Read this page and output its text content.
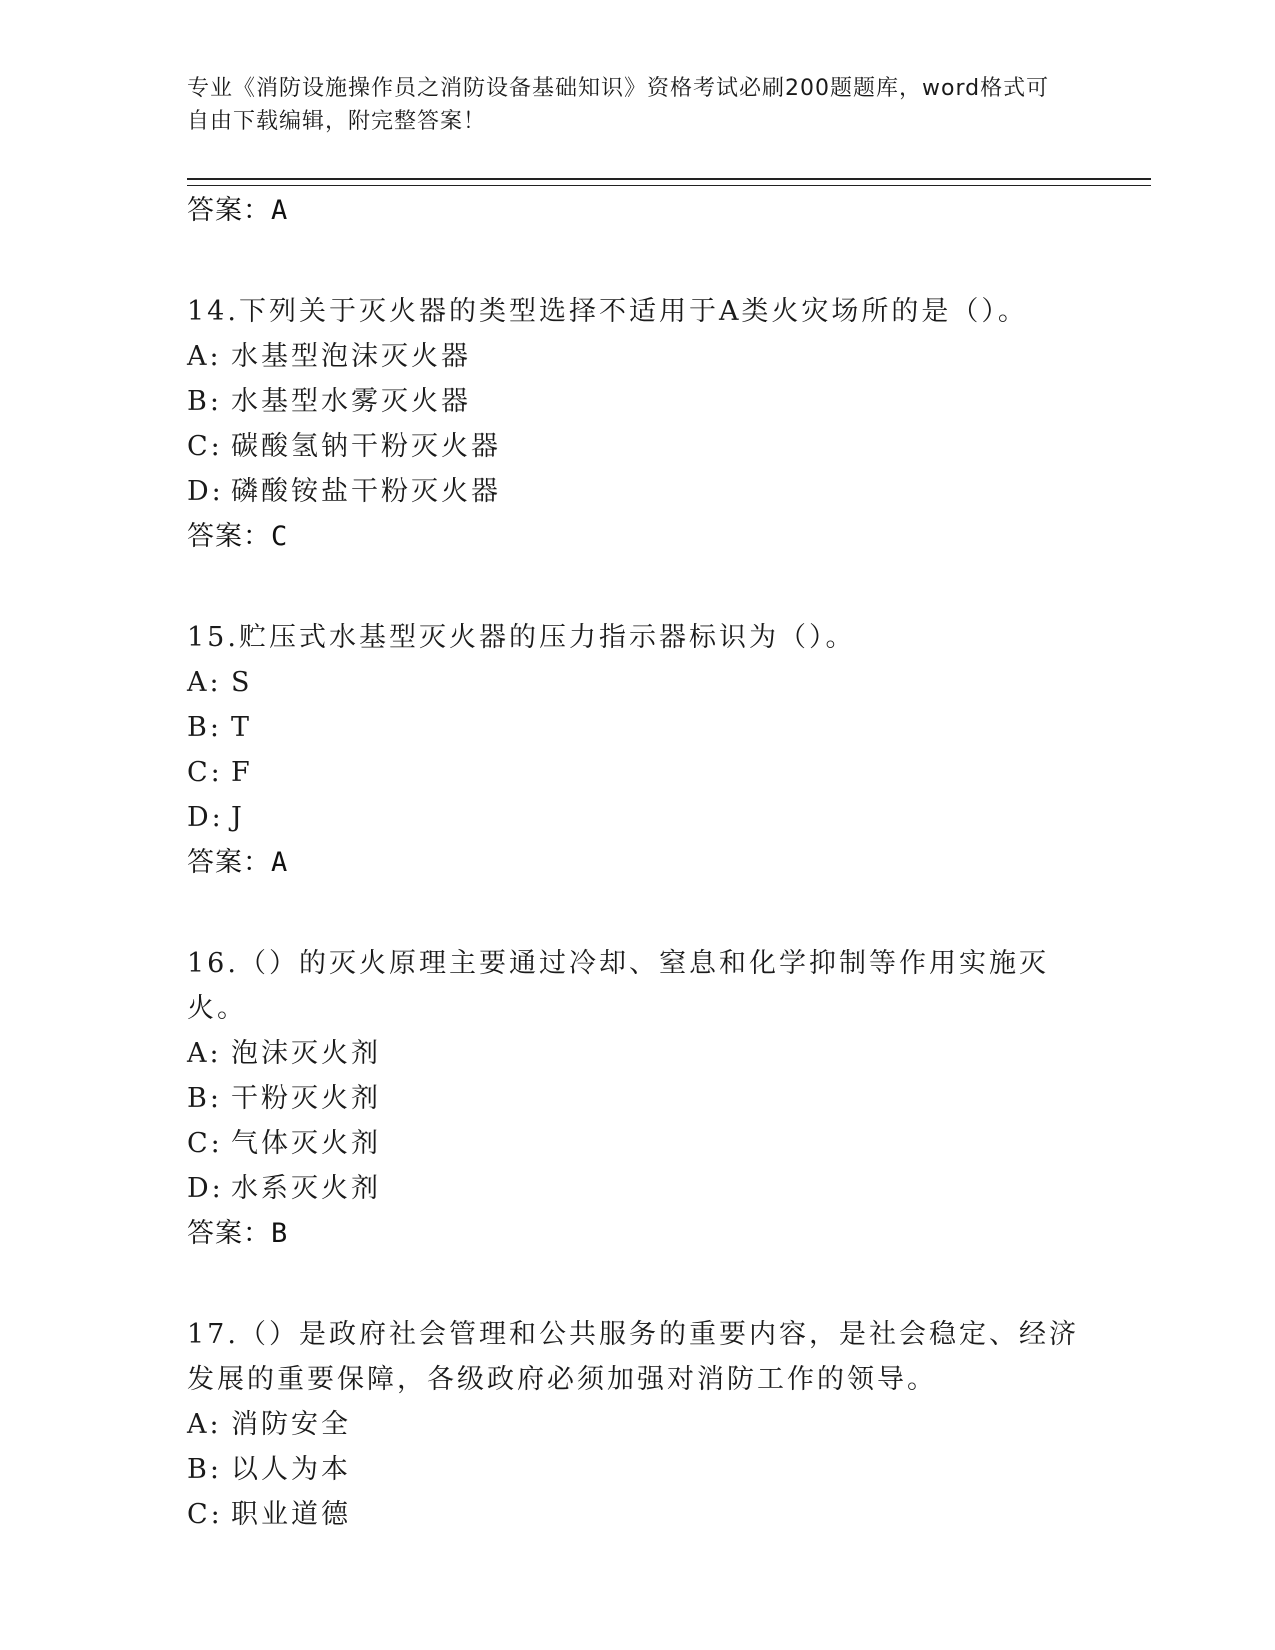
专业《消防设施操作员之消防设备基础知识》资格考试必刷200题题库，word格式可自由下载编辑，附完整答案！
答案：A
14.下列关于灭火器的类型选择不适用于A类火灾场所的是（）。
A: 水基型泡沫灭火器
B: 水基型水雾灭火器
C: 碳酸氢钠干粉灭火器
D: 磷酸铵盐干粉灭火器
答案：C
15.贮压式水基型灭火器的压力指示器标识为（）。
A: S
B: T
C: F
D: J
答案：A
16.（）的灭火原理主要通过冷却、窒息和化学抑制等作用实施灭火。
A: 泡沫灭火剂
B: 干粉灭火剂
C: 气体灭火剂
D: 水系灭火剂
答案：B
17.（）是政府社会管理和公共服务的重要内容，是社会稳定、经济发展的重要保障，各级政府必须加强对消防工作的领导。
A: 消防安全
B: 以人为本
C: 职业道德
